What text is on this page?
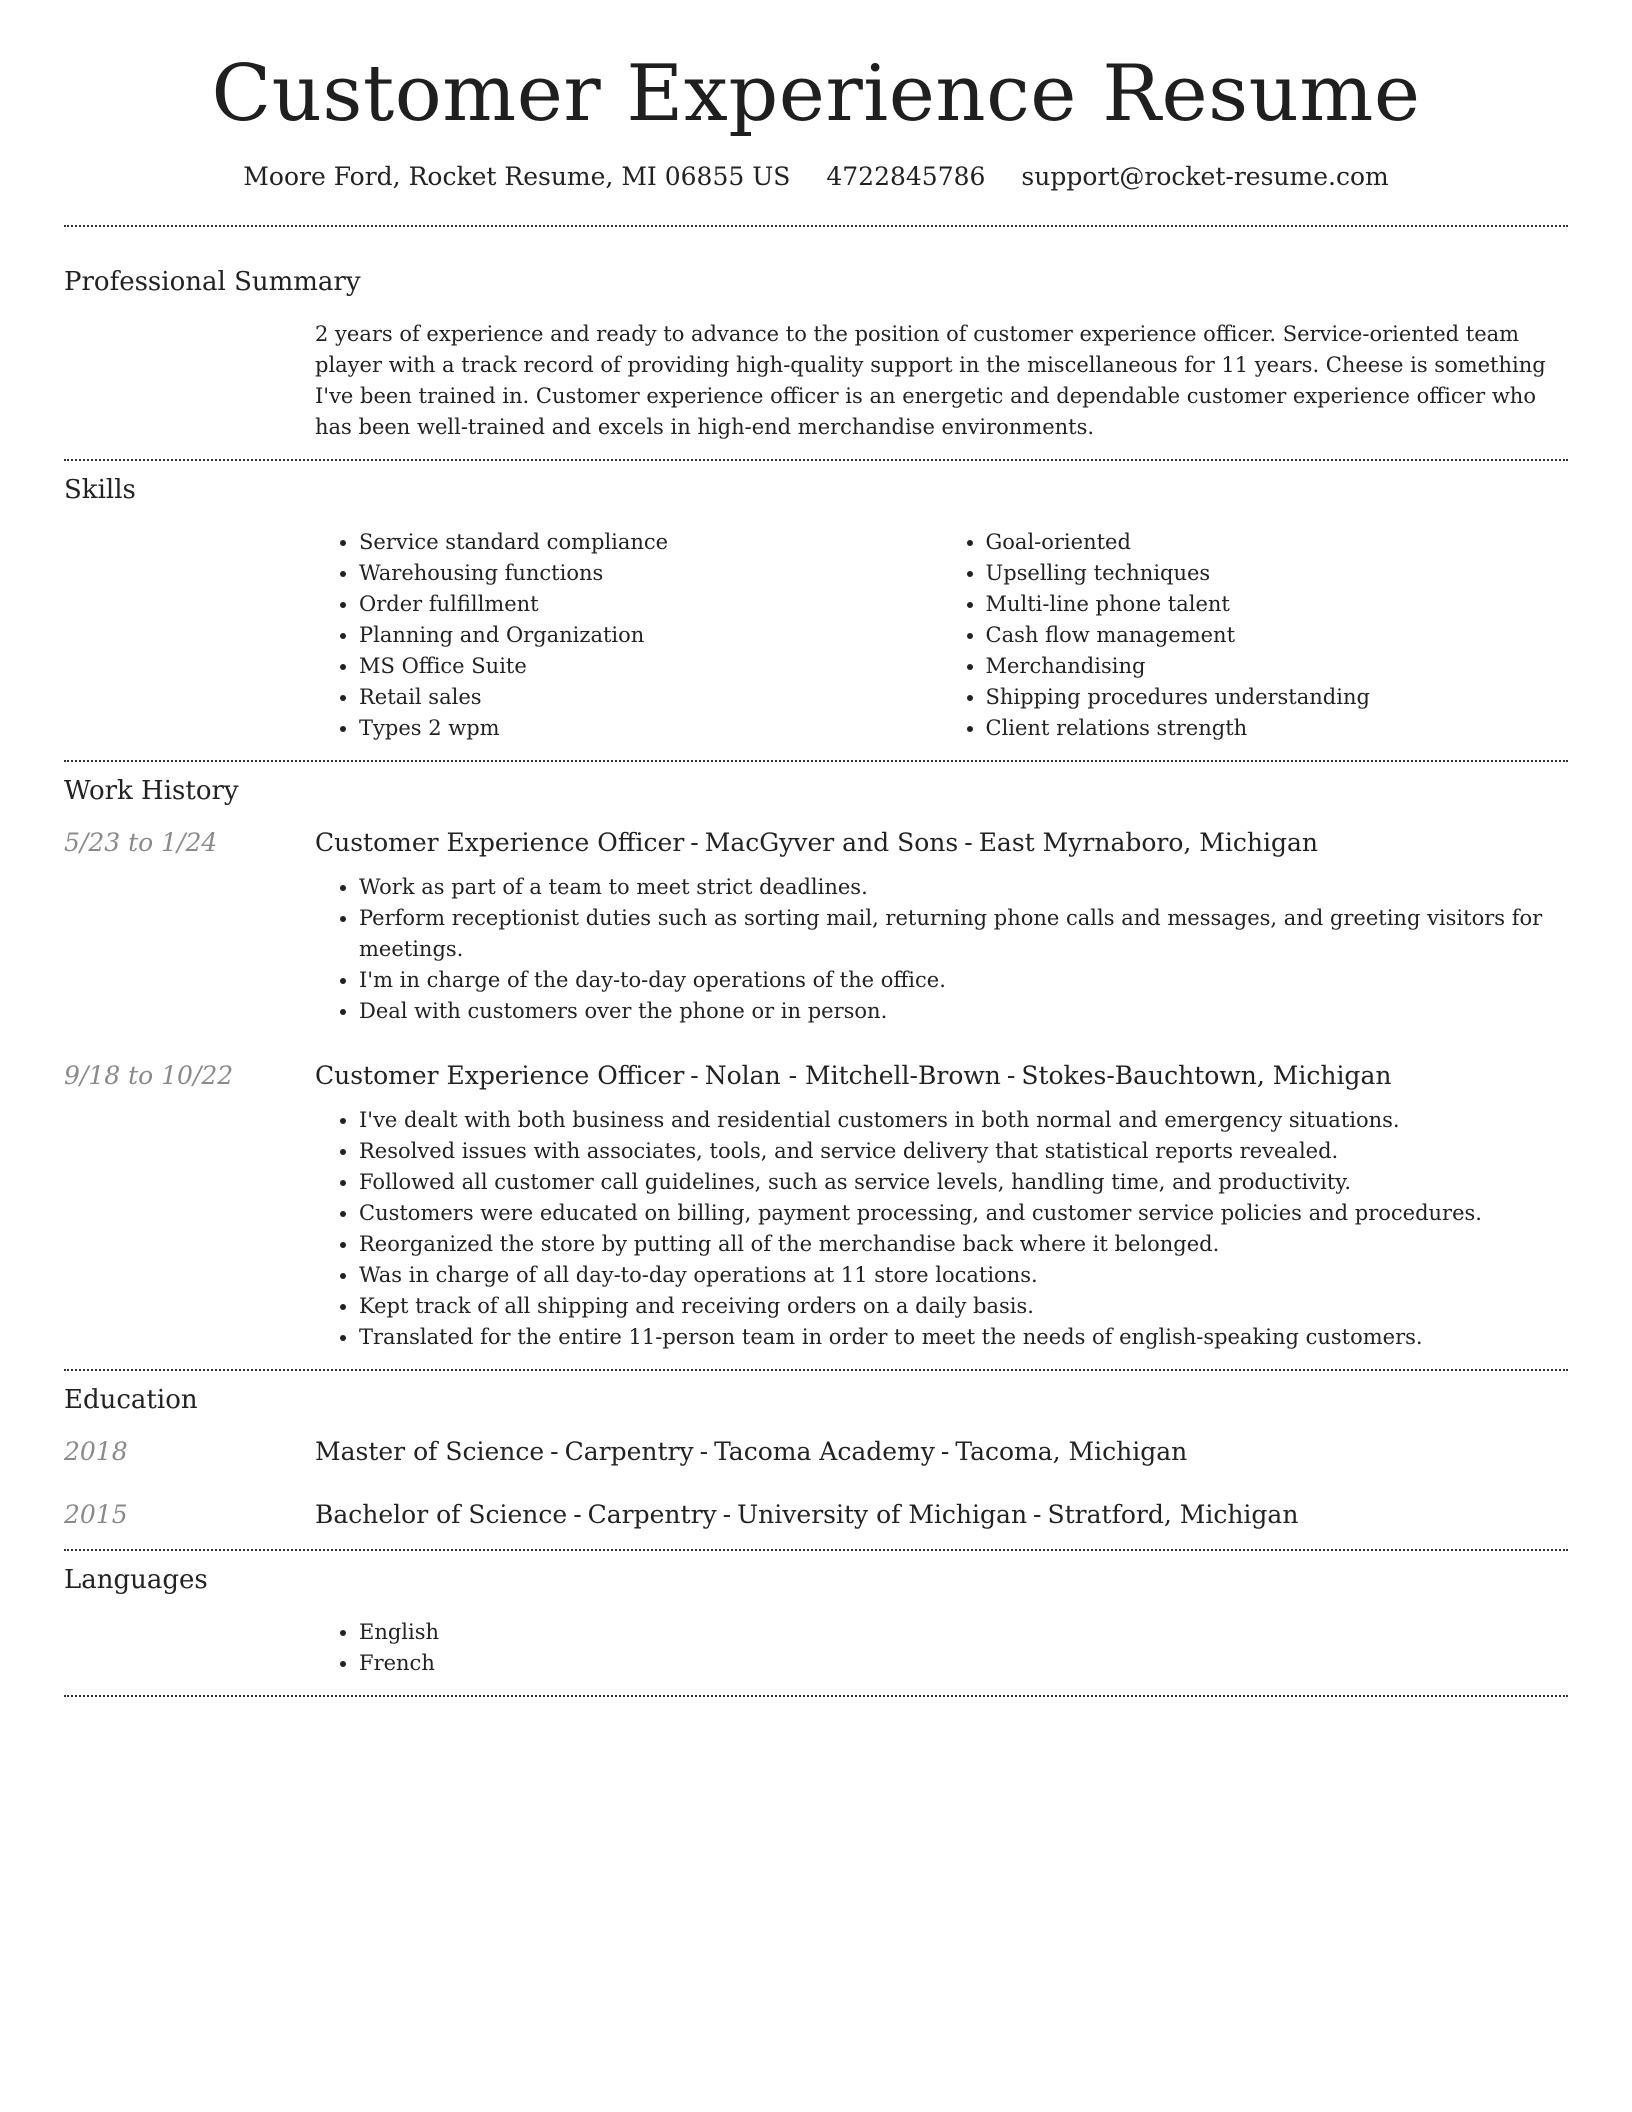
Customer Experience Resume
Moore Ford, Rocket Resume, MI 06855 US 4722845786 support@rocket-resume.com
Professional Summary

2 years of experience and ready to advance to the position of customer experience officer. Service-oriented team player with a track record of providing high-quality support in the miscellaneous for 11 years. Cheese is something I've been trained in. Customer experience officer is an energetic and dependable customer experience officer who has been well-trained and excels in high-end merchandise environments.

Skills
• Service standard compliance
• Warehousing functions
• Order fulfillment
• Planning and Organization
• MS Office Suite
• Retail sales
• Types 2 wpm
• Goal-oriented
• Upselling techniques
• Multi-line phone talent
• Cash flow management
• Merchandising
• Shipping procedures understanding
• Client relations strength
Work History
5/23 to 1/24	Customer Experience Officer - MacGyver and Sons - East Myrnaboro, Michigan
• Work as part of a team to meet strict deadlines.
• Perform receptionist duties such as sorting mail, returning phone calls and messages, and greeting visitors for meetings.
• I'm in charge of the day-to-day operations of the office.
• Deal with customers over the phone or in person.
9/18 to 10/22	Customer Experience Officer - Nolan - Mitchell-Brown - Stokes-Bauchtown, Michigan
• I've dealt with both business and residential customers in both normal and emergency situations.
• Resolved issues with associates, tools, and service delivery that statistical reports revealed.
• Followed all customer call guidelines, such as service levels, handling time, and productivity.
• Customers were educated on billing, payment processing, and customer service policies and procedures.
• Reorganized the store by putting all of the merchandise back where it belonged.
• Was in charge of all day-to-day operations at 11 store locations.
• Kept track of all shipping and receiving orders on a daily basis.
• Translated for the entire 11-person team in order to meet the needs of english-speaking customers.
Education
2018	Master of Science - Carpentry - Tacoma Academy - Tacoma, Michigan
2015	Bachelor of Science - Carpentry - University of Michigan - Stratford, Michigan
Languages
• English
• French
